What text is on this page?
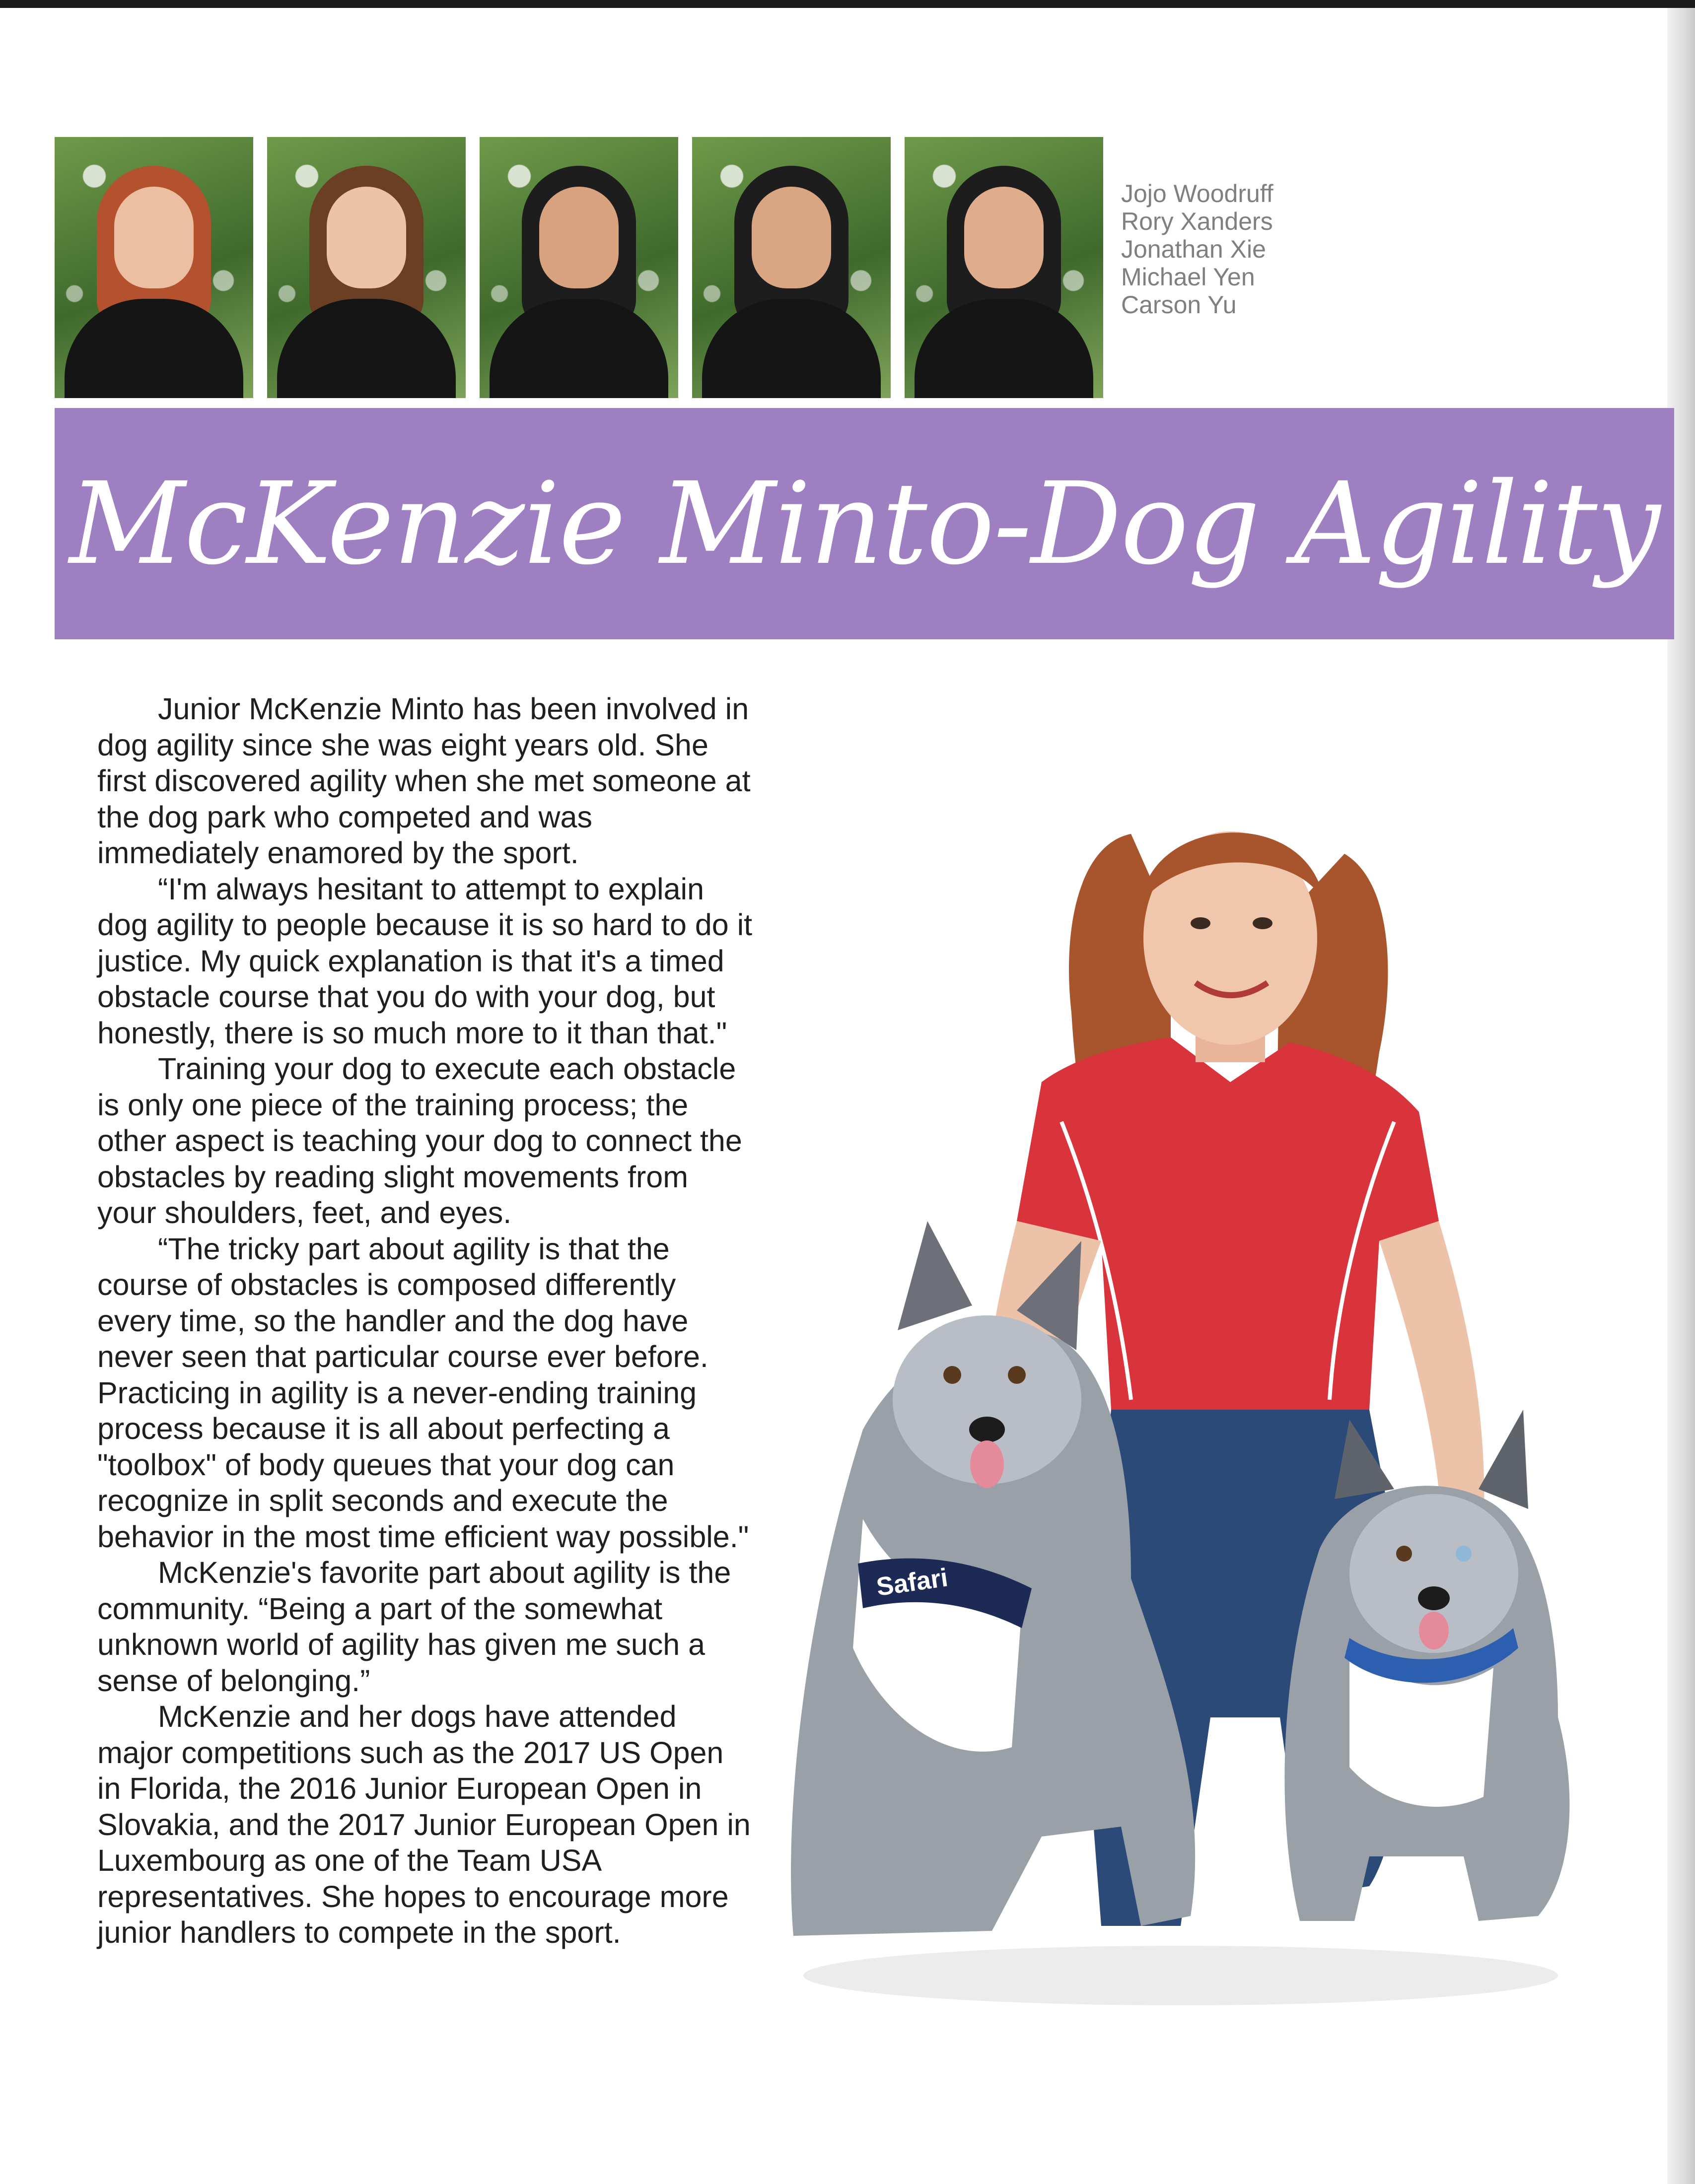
Jojo Woodruff
Rory Xanders
Jonathan Xie
Michael Yen
Carson Yu
McKenzie Minto-Dog Agility

Junior McKenzie Minto has been involved in dog agility since she was eight years old. She first discovered agility when she met someone at the dog park who competed and was immediately enamored by the sport.

“I'm always hesitant to attempt to explain dog agility to people because it is so hard to do it justice. My quick explanation is that it's a timed obstacle course that you do with your dog, but honestly, there is so much more to it than that."

Training your dog to execute each obstacle is only one piece of the training process; the other aspect is teaching your dog to connect the obstacles by reading slight movements from your shoulders, feet, and eyes.

“The tricky part about agility is that the course of obstacles is composed differently every time, so the handler and the dog have never seen that particular course ever before. Practicing in agility is a never-ending training process because it is all about perfecting a "toolbox" of body queues that your dog can recognize in split seconds and execute the behavior in the most time efficient way possible."

McKenzie's favorite part about agility is the community. “Being a part of the somewhat unknown world of agility has given me such a sense of belonging.”

McKenzie and her dogs have attended major competitions such as the 2017 US Open in Florida, the 2016 Junior European Open in Slovakia, and the 2017 Junior European Open in Luxembourg as one of the Team USA representatives. She hopes to encourage more junior handlers to compete in the sport.

Safari
